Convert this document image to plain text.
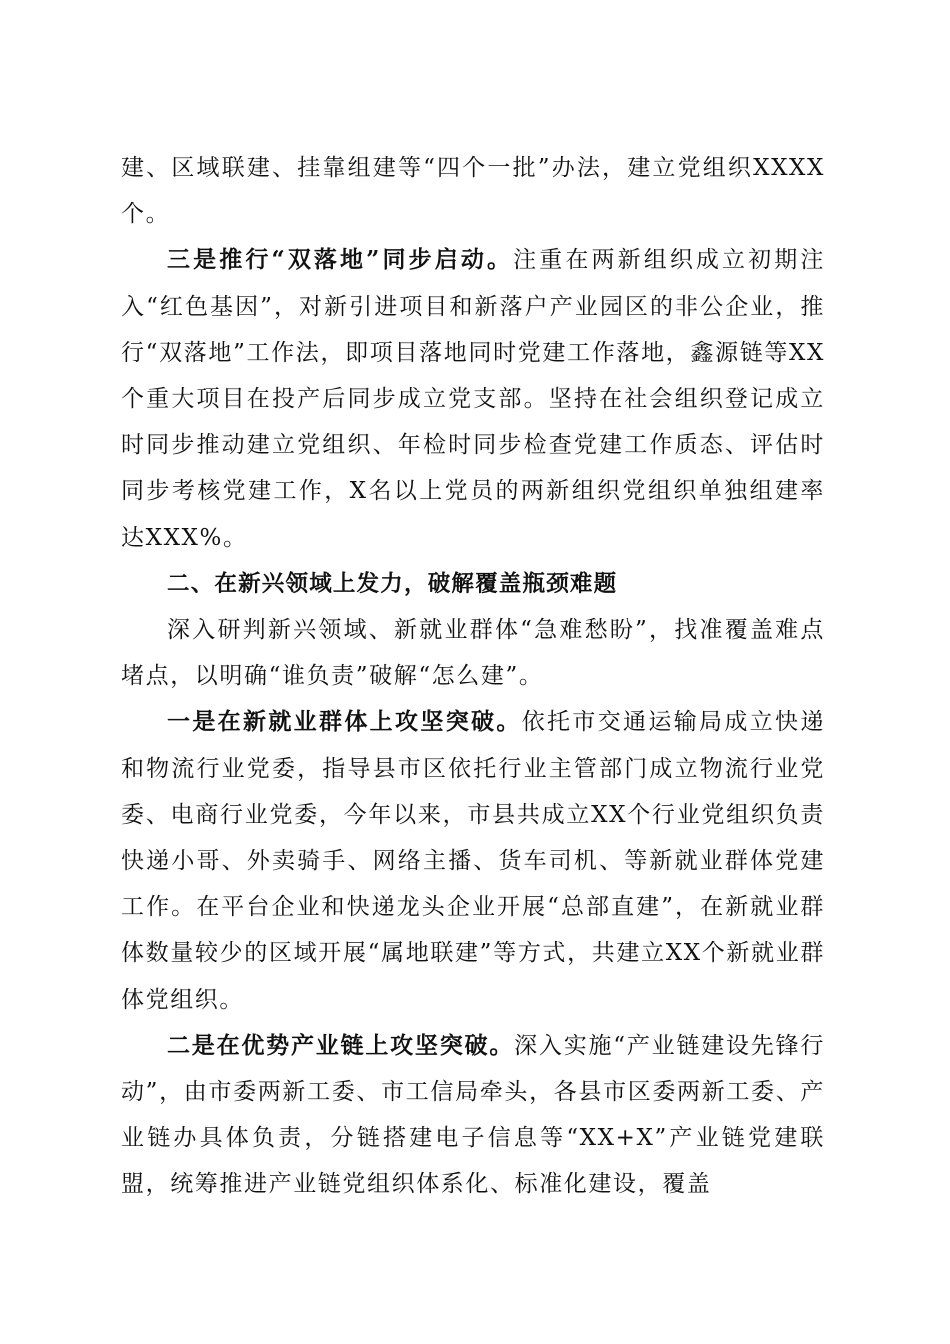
建、区域联建、挂靠组建等“四个一批”办法，建立党组织XXXX个。

三是推行“双落地”同步启动。注重在两新组织成立初期注入“红色基因”，对新引进项目和新落户产业园区的非公企业，推行“双落地”工作法，即项目落地同时党建工作落地，鑫源链等XX个重大项目在投产后同步成立党支部。坚持在社会组织登记成立时同步推动建立党组织、年检时同步检查党建工作质态、评估时同步考核党建工作，X名以上党员的两新组织党组织单独组建率达XXX%。

二、在新兴领域上发力，破解覆盖瓶颈难题

深入研判新兴领域、新就业群体“急难愁盼”，找准覆盖难点堵点，以明确“谁负责”破解“怎么建”。

一是在新就业群体上攻坚突破。依托市交通运输局成立快递和物流行业党委，指导县市区依托行业主管部门成立物流行业党委、电商行业党委，今年以来，市县共成立XX个行业党组织负责快递小哥、外卖骑手、网络主播、货车司机、等新就业群体党建工作。在平台企业和快递龙头企业开展“总部直建”，在新就业群体数量较少的区域开展“属地联建”等方式，共建立XX个新就业群体党组织。

二是在优势产业链上攻坚突破。深入实施“产业链建设先锋行动”，由市委两新工委、市工信局牵头，各县市区委两新工委、产业链办具体负责，分链搭建电子信息等“XX+X”产业链党建联盟，统筹推进产业链党组织体系化、标准化建设，覆盖
